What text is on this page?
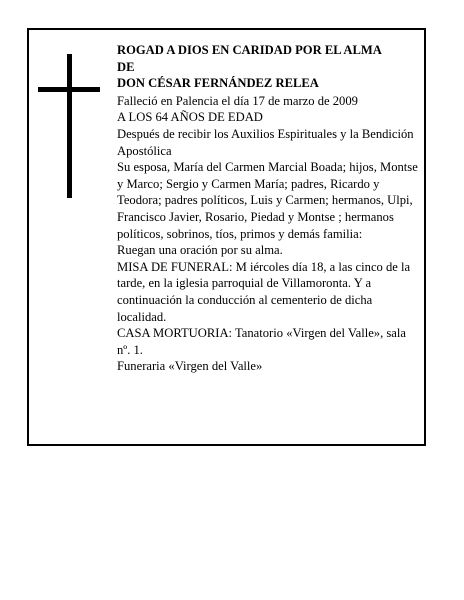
ROGAD A DIOS EN CARIDAD POR EL ALMA

DE

DON CÉSAR FERNÁNDEZ RELEA

Falleció en Palencia el día 17 de marzo de 2009

A LOS 64 AÑOS DE EDAD

Después de recibir los Auxilios Espirituales y la Bendición Apostólica

Su esposa, María del Carmen Marcial Boada; hijos, Montse y Marco; Sergio y Carmen María; padres, Ricardo y Teodora; padres políticos, Luis y Carmen; hermanos, Ulpi, Francisco Javier, Rosario, Piedad y Montse ; hermanos políticos, sobrinos, tíos, primos y demás familia:

Ruegan una oración por su alma.

MISA DE FUNERAL: M iércoles día 18, a las cinco de la tarde, en la iglesia parroquial de Villamoronta. Y a continuación la conducción al cementerio de dicha localidad.

CASA MORTUORIA: Tanatorio «Virgen del Valle», sala nº. 1.

Funeraria «Virgen del Valle»
